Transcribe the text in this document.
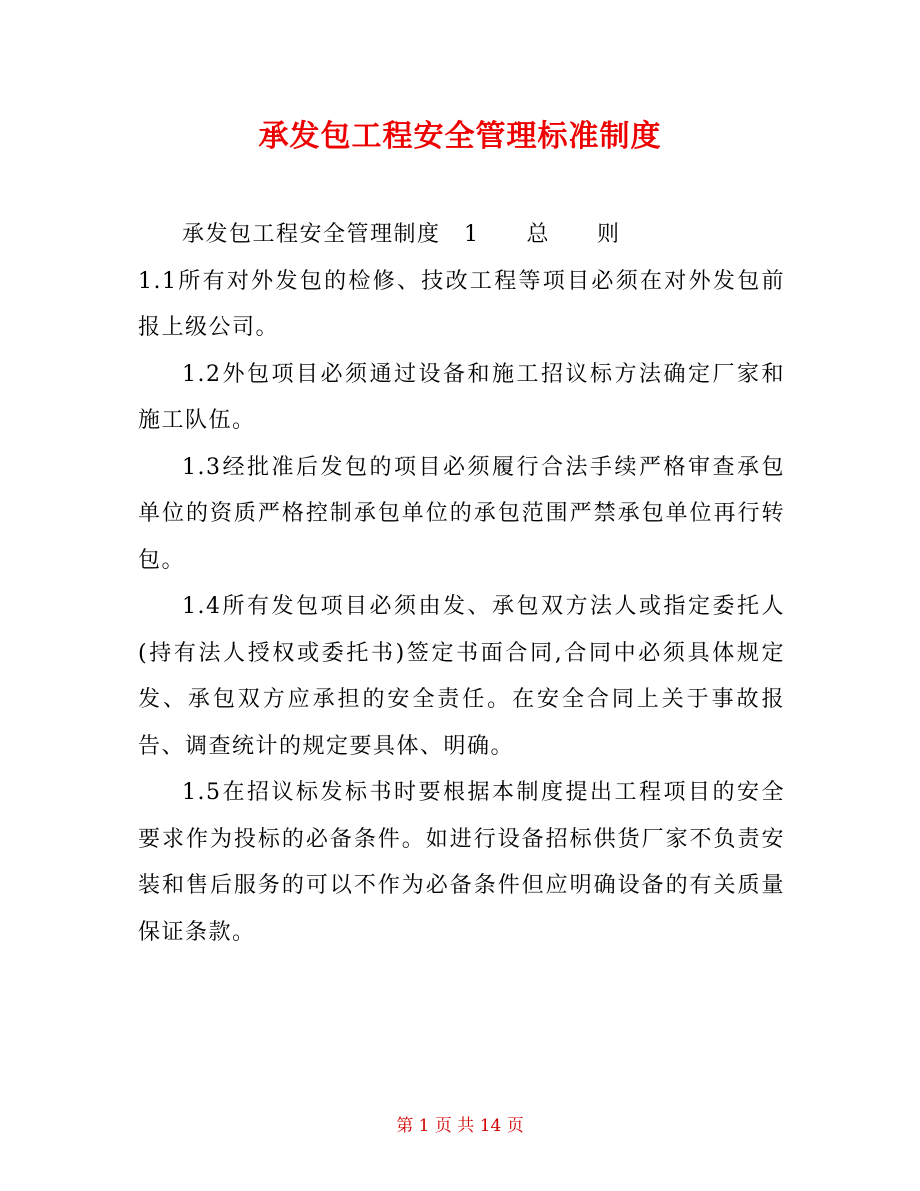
承发包工程安全管理标准制度

承发包工程安全管理制度　1　　总　　则

1.1所有对外发包的检修、技改工程等项目必须在对外发包前报上级公司。

1.2外包项目必须通过设备和施工招议标方法确定厂家和施工队伍。

1.3经批准后发包的项目必须履行合法手续严格审查承包单位的资质严格控制承包单位的承包范围严禁承包单位再行转包。

1.4所有发包项目必须由发、承包双方法人或指定委托人(持有法人授权或委托书)签定书面合同,合同中必须具体规定发、承包双方应承担的安全责任。在安全合同上关于事故报告、调查统计的规定要具体、明确。

1.5在招议标发标书时要根据本制度提出工程项目的安全要求作为投标的必备条件。如进行设备招标供货厂家不负责安装和售后服务的可以不作为必备条件但应明确设备的有关质量保证条款。

第 1 页 共 14 页
